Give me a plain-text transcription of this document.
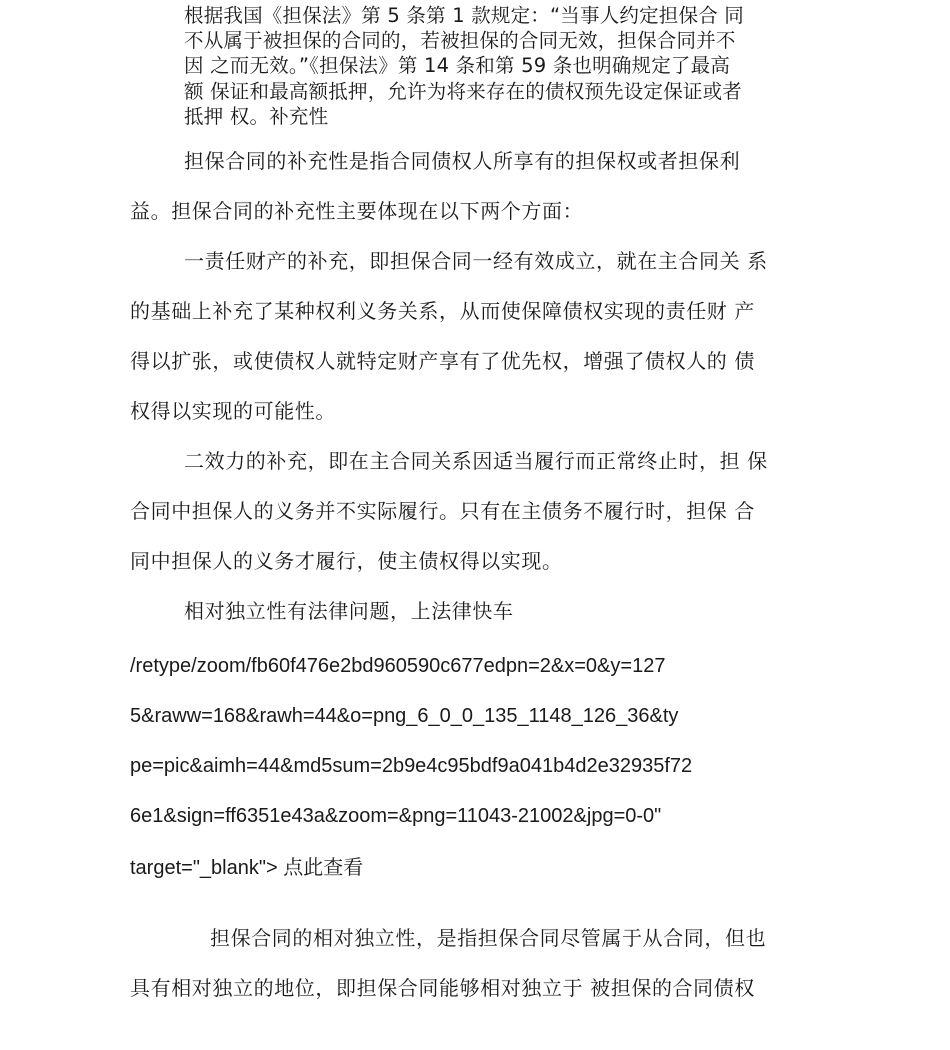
根据我国《担保法》第 5 条第 1 款规定：“当事人约定担保合 同
不从属于被担保的合同的，若被担保的合同无效，担保合同并不
因 之而无效。”《担保法》第 14 条和第 59 条也明确规定了最高
额 保证和最高额抵押，允许为将来存在的债权预先设定保证或者
抵押 权。补充性
担保合同的补充性是指合同债权人所享有的担保权或者担保利
益。担保合同的补充性主要体现在以下两个方面：
一责任财产的补充，即担保合同一经有效成立，就在主合同关 系
的基础上补充了某种权利义务关系，从而使保障债权实现的责任财 产
得以扩张，或使债权人就特定财产享有了优先权，增强了债权人的 债
权得以实现的可能性。
二效力的补充，即在主合同关系因适当履行而正常终止时，担 保
合同中担保人的义务并不实际履行。只有在主债务不履行时，担保 合
同中担保人的义务才履行，使主债权得以实现。
相对独立性有法律问题，上法律快车
/retype/zoom/fb60f476e2bd960590c677edpn=2&x=0&y=127
5&raww=168&rawh=44&o=png_6_0_0_135_1148_126_36&ty
pe=pic&aimh=44&md5sum=2b9e4c95bdf9a041b4d2e32935f72
6e1&sign=ff6351e43a&zoom=&png=11043-21002&jpg=0-0"
target="_blank"> 点此查看
担保合同的相对独立性，是指担保合同尽管属于从合同，但也
具有相对独立的地位，即担保合同能够相对独立于 被担保的合同债权
